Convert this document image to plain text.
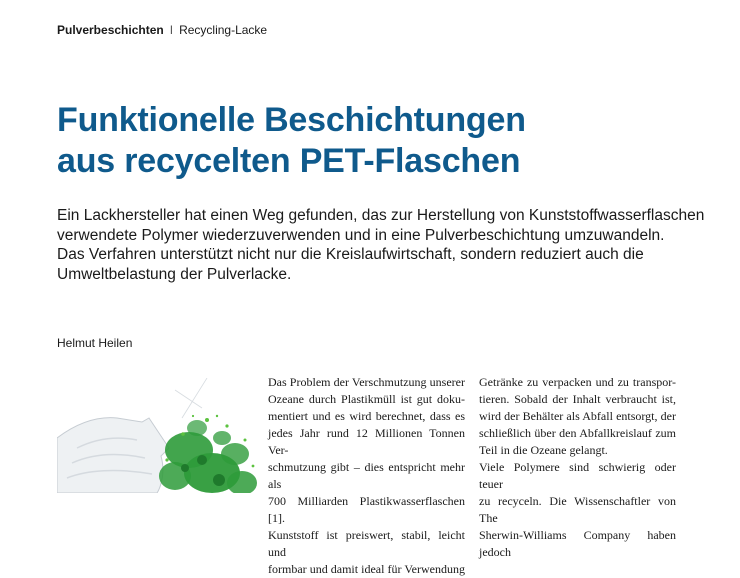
Pulverbeschichten I Recycling-Lacke
Funktionelle Beschichtungen
aus recycelten PET-Flaschen
Ein Lackhersteller hat einen Weg gefunden, das zur Herstellung von Kunststoffwasserflaschen
verwendete Polymer wiederzuverwenden und in eine Pulverbeschichtung umzuwandeln.
Das Verfahren unterstützt nicht nur die Kreislaufwirtschaft, sondern reduziert auch die
Umweltbelastung der Pulverlacke.
Helmut Heilen
Das Problem der Verschmutzung unserer
Ozeane durch Plastikmüll ist gut doku-
mentiert und es wird berechnet, dass es
jedes Jahr rund 12 Millionen Tonnen Ver-
schmutzung gibt – dies entspricht mehr als
700 Milliarden Plastikwasserflaschen [1].
Kunststoff ist preiswert, stabil, leicht und
formbar und damit ideal für Verwendung
Getränke zu verpacken und zu transpor-
tieren. Sobald der Inhalt verbraucht ist,
wird der Behälter als Abfall entsorgt, der
schließlich über den Abfallkreislauf zum
Teil in die Ozeane gelangt.
Viele Polymere sind schwierig oder teuer
zu recyceln. Die Wissenschaftler von The
Sherwin-Williams Company haben jedoch
